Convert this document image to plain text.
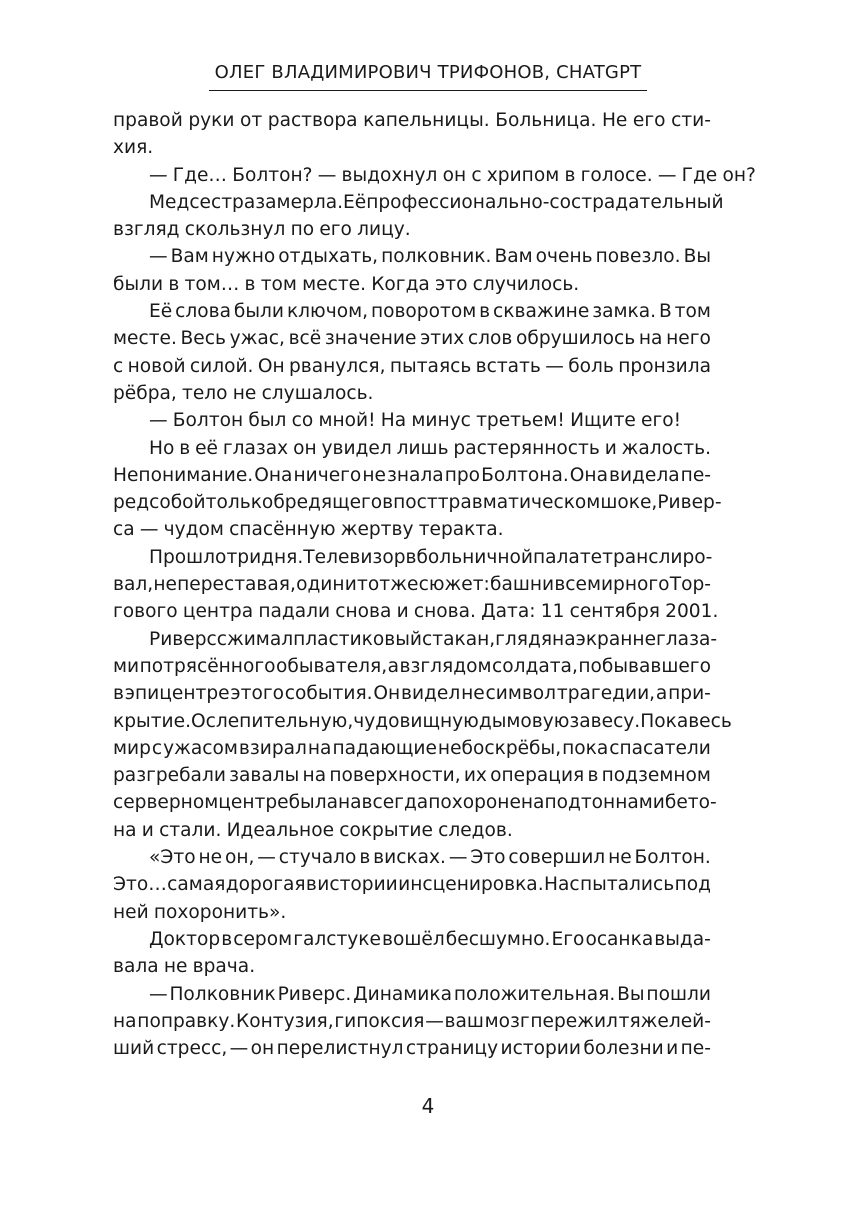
ОЛЕГ ВЛАДИМИРОВИЧ ТРИФОНОВ, CHATGPT
правой руки от раствора капельницы. Больница. Не его сти-
хия.
— Где… Болтон? — выдохнул он с хрипом в голосе. — Где он?
Медсестра замерла. Её профессионально-сострадательный
взгляд скользнул по его лицу.
— Вам нужно отдыхать, полковник. Вам очень повезло. Вы
были в том… в том месте. Когда это случилось.
Её слова были ключом, поворотом в скважине замка. В том
месте. Весь ужас, всё значение этих слов обрушилось на него
с новой силой. Он рванулся, пытаясь встать — боль пронзила
рёбра, тело не слушалось.
— Болтон был со мной! На минус третьем! Ищите его!
Но в её глазах он увидел лишь растерянность и жалость.
Непонимание. Она ничего не знала про Болтона. Она видела пе-
ред собой только бредящего в посттравматическом шоке, Ривер-
са — чудом спасённую жертву теракта.
Прошло три дня. Телевизор в больничной палате транслиро-
вал, не переставая, один и тот же сюжет: башни всемирного Тор-
гового центра падали снова и снова. Дата: 11 сентября 2001.
Риверс сжимал пластиковый стакан, глядя на экран не глаза-
ми потрясённого обывателя, а взглядом солдата, побывавшего
в эпицентре этого события. Он видел не символ трагедии, а при-
крытие. Ослепительную, чудовищную дымовую завесу. Пока весь
мир с ужасом взирал на падающие небоскрёбы, пока спасатели
разгребали завалы на поверхности, их операция в подземном
серверном центре была навсегда похоронена под тоннами бето-
на и стали. Идеальное сокрытие следов.
«Это не он, — стучало в висках. — Это совершил не Болтон.
Это… самая дорогая в истории инсценировка. Нас пытались под
ней похоронить».
Доктор в сером галстуке вошёл бесшумно. Его осанка выда-
вала не врача.
— Полковник Риверс. Динамика положительная. Вы пошли
на поправку. Контузия, гипоксия — ваш мозг пережил тяжелей-
ший стресс, — он перелистнул страницу истории болезни и пе-
4
